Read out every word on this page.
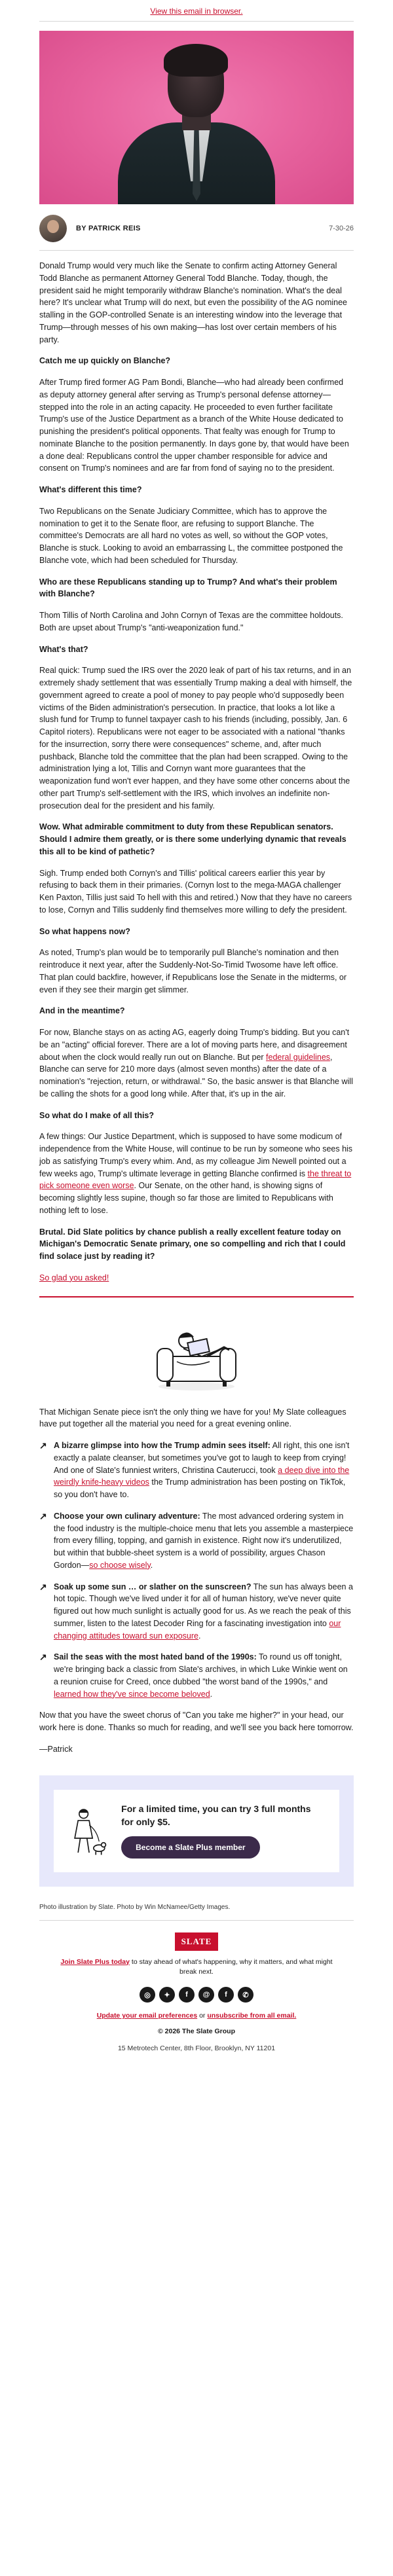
View this email in browser.
BY PATRICK REIS	7-30-26

Donald Trump would very much like the Senate to confirm acting Attorney General Todd Blanche as permanent Attorney General Todd Blanche. Today, though, the president said he might temporarily withdraw Blanche's nomination. What's the deal here? It's unclear what Trump will do next, but even the possibility of the AG nominee stalling in the GOP-controlled Senate is an interesting window into the leverage that Trump—through messes of his own making—has lost over certain members of his party.

Catch me up quickly on Blanche?

After Trump fired former AG Pam Bondi, Blanche—who had already been confirmed as deputy attorney general after serving as Trump's personal defense attorney—stepped into the role in an acting capacity. He proceeded to even further facilitate Trump's use of the Justice Department as a branch of the White House dedicated to punishing the president's political opponents. That fealty was enough for Trump to nominate Blanche to the position permanently. In days gone by, that would have been a done deal: Republicans control the upper chamber responsible for advice and consent on Trump's nominees and are far from fond of saying no to the president.

What's different this time?

Two Republicans on the Senate Judiciary Committee, which has to approve the nomination to get it to the Senate floor, are refusing to support Blanche. The committee's Democrats are all hard no votes as well, so without the GOP votes, Blanche is stuck. Looking to avoid an embarrassing L, the committee postponed the Blanche vote, which had been scheduled for Thursday.

Who are these Republicans standing up to Trump? And what's their problem with Blanche?

Thom Tillis of North Carolina and John Cornyn of Texas are the committee holdouts. Both are upset about Trump's "anti-weaponization fund."

What's that?

Real quick: Trump sued the IRS over the 2020 leak of part of his tax returns, and in an extremely shady settlement that was essentially Trump making a deal with himself, the government agreed to create a pool of money to pay people who'd supposedly been victims of the Biden administration's persecution. In practice, that looks a lot like a slush fund for Trump to funnel taxpayer cash to his friends (including, possibly, Jan. 6 Capitol rioters). Republicans were not eager to be associated with a national "thanks for the insurrection, sorry there were consequences" scheme, and, after much pushback, Blanche told the committee that the plan had been scrapped. Owing to the administration lying a lot, Tillis and Cornyn want more guarantees that the weaponization fund won't ever happen, and they have some other concerns about the other part Trump's self-settlement with the IRS, which involves an indefinite non-prosecution deal for the president and his family.

Wow. What admirable commitment to duty from these Republican senators. Should I admire them greatly, or is there some underlying dynamic that reveals this all to be kind of pathetic?

Sigh. Trump ended both Cornyn's and Tillis' political careers earlier this year by refusing to back them in their primaries. (Cornyn lost to the mega-MAGA challenger Ken Paxton, Tillis just said To hell with this and retired.) Now that they have no careers to lose, Cornyn and Tillis suddenly find themselves more willing to defy the president.

So what happens now?

As noted, Trump's plan would be to temporarily pull Blanche's nomination and then reintroduce it next year, after the Suddenly-Not-So-Timid Twosome have left office. That plan could backfire, however, if Republicans lose the Senate in the midterms, or even if they see their margin get slimmer.

And in the meantime?

For now, Blanche stays on as acting AG, eagerly doing Trump's bidding. But you can't be an "acting" official forever. There are a lot of moving parts here, and disagreement about when the clock would really run out on Blanche. But per federal guidelines, Blanche can serve for 210 more days (almost seven months) after the date of a nomination's "rejection, return, or withdrawal." So, the basic answer is that Blanche will be calling the shots for a good long while. After that, it's up in the air.

So what do I make of all this?

A few things: Our Justice Department, which is supposed to have some modicum of independence from the White House, will continue to be run by someone who sees his job as satisfying Trump's every whim. And, as my colleague Jim Newell pointed out a few weeks ago, Trump's ultimate leverage in getting Blanche confirmed is the threat to pick someone even worse. Our Senate, on the other hand, is showing signs of becoming slightly less supine, though so far those are limited to Republicans with nothing left to lose.

Brutal. Did Slate politics by chance publish a really excellent feature today on Michigan's Democratic Senate primary, one so compelling and rich that I could find solace just by reading it?

So glad you asked!

That Michigan Senate piece isn't the only thing we have for you! My Slate colleagues have put together all the material you need for a great evening online.

↗ A bizarre glimpse into how the Trump admin sees itself: All right, this one isn't exactly a palate cleanser, but sometimes you've got to laugh to keep from crying! And one of Slate's funniest writers, Christina Cauterucci, took a deep dive into the weirdly knife-heavy videos the Trump administration has been posting on TikTok, so you don't have to.
↗ Choose your own culinary adventure: The most advanced ordering system in the food industry is the multiple-choice menu that lets you assemble a masterpiece from every filling, topping, and garnish in existence. Right now it's underutilized, but within that bubble-sheet system is a world of possibility, argues Chason Gordon—so choose wisely.
↗ Soak up some sun … or slather on the sunscreen? The sun has always been a hot topic. Though we've lived under it for all of human history, we've never quite figured out how much sunlight is actually good for us. As we reach the peak of this summer, listen to the latest Decoder Ring for a fascinating investigation into our changing attitudes toward sun exposure.
↗ Sail the seas with the most hated band of the 1990s: To round us off tonight, we're bringing back a classic from Slate's archives, in which Luke Winkie went on a reunion cruise for Creed, once dubbed "the worst band of the 1990s," and learned how they've since become beloved.

Now that you have the sweet chorus of "Can you take me higher?" in your head, our work here is done. Thanks so much for reading, and we'll see you back here tomorrow.

—Patrick

For a limited time, you can try 3 full months for only $5.
Become a Slate Plus member
Photo illustration by Slate. Photo by Win McNamee/Getty Images.
SLATE
Join Slate Plus today to stay ahead of what's happening, why it matters, and what might break next.
◎	✦	f	@	f	✆
Update your email preferences or unsubscribe from all email.
© 2026 The Slate Group
15 Metrotech Center, 8th Floor, Brooklyn, NY 11201
